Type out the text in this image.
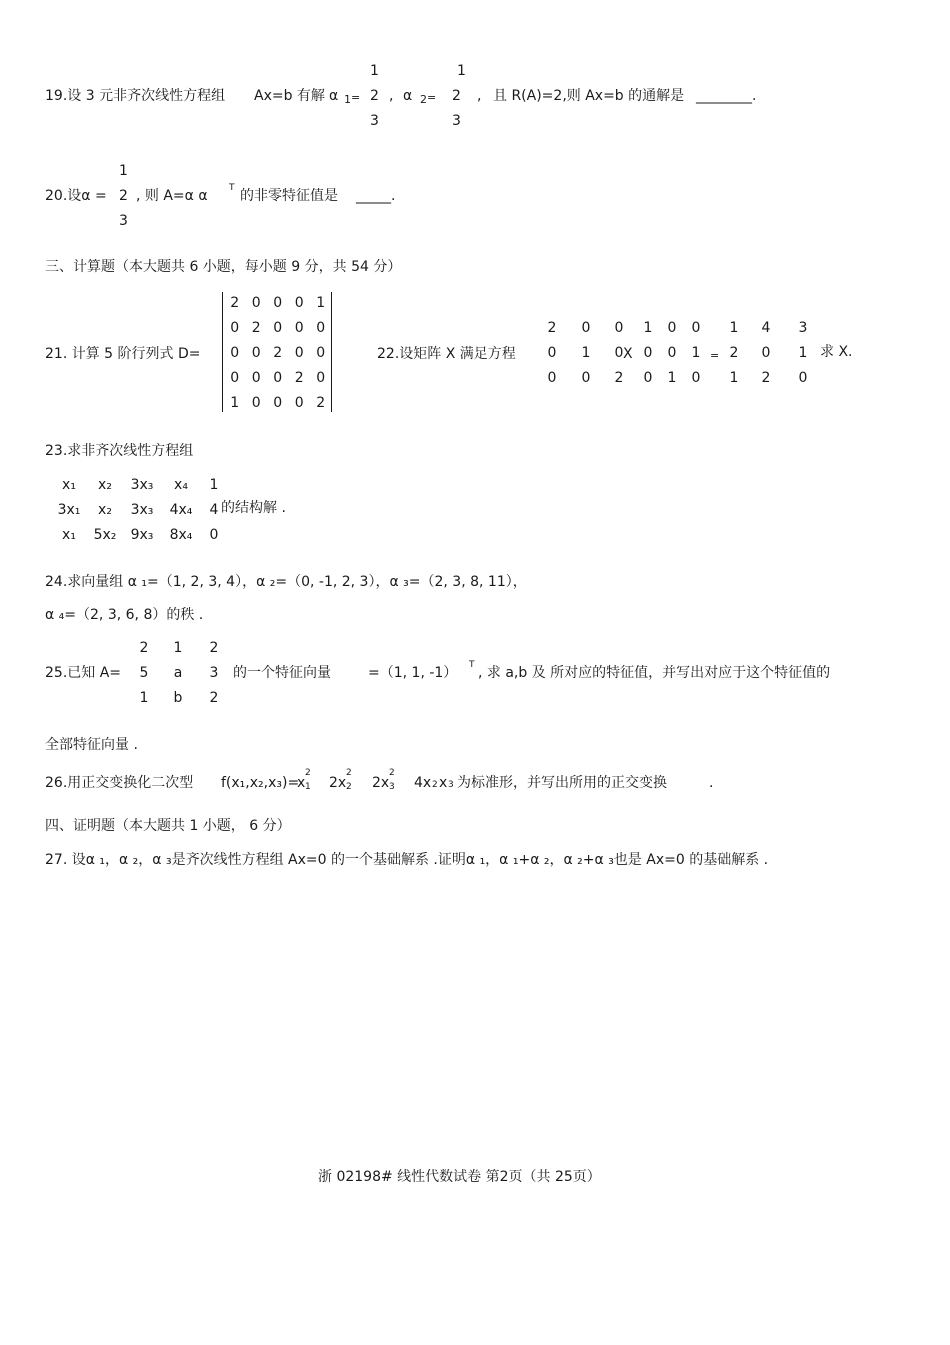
19.设 3 元非齐次线性方程组 Ax=b 有解 α 1 =
1
2
3
, α 2 =
1
2
3
, 且 R(A)=2,则 Ax=b 的通解是 ________.
20.设α =
1
2
3
, 则 A=α α T 的非零特征值是 _____.
三、计算题（本大题共 6 小题，每小题 9 分，共 54 分）
21. 计算 5 阶行列式 D=
2 0 0 0 1
0 2 0 0 0
0 0 2 0 0
0 0 0 2 0
1 0 0 0 2
22.设矩阵 X 满足方程
2	0	0
0	1	0
0	0	2
X
1	0	0
0	0	1
0	1	0
=
1	4	3
2	0	1
1	2	0
求 X.
23.求非齐次线性方程组
x₁	x₂	3x₃	x₄	1
3x₁	x₂	3x₃	4x₄	4
x₁	5x₂	9x₃	8x₄	0
的结构解 .
24.求向量组 α ₁=（1, 2, 3, 4），α ₂=（0, -1, 2, 3），α ₃=（2, 3, 8, 11），
α ₄=（2, 3, 6, 8）的秩 .
25.已知 A=
2	1	2
5	a	3
1	b	2
的一个特征向量	=（1, 1, -1） T , 求 a,b 及 所对应的特征值，并写出对应于这个特征值的
全部特征向量 .
26.用正交变换化二次型 f(x₁,x₂,x₃)=
x
2
1 2x
2
2 2x
2
3 4x 2 x 3 为标准形，并写出所用的正交变换	.
四、证明题（本大题共 1 小题， 6 分）
27. 设α ₁，α ₂，α ₃是齐次线性方程组 Ax=0 的一个基础解系 .证明α ₁，α ₁+α ₂，α ₂+α ₃也是 Ax=0 的基础解系 .
浙 02198# 线性代数试卷 第2页（共 25页）
